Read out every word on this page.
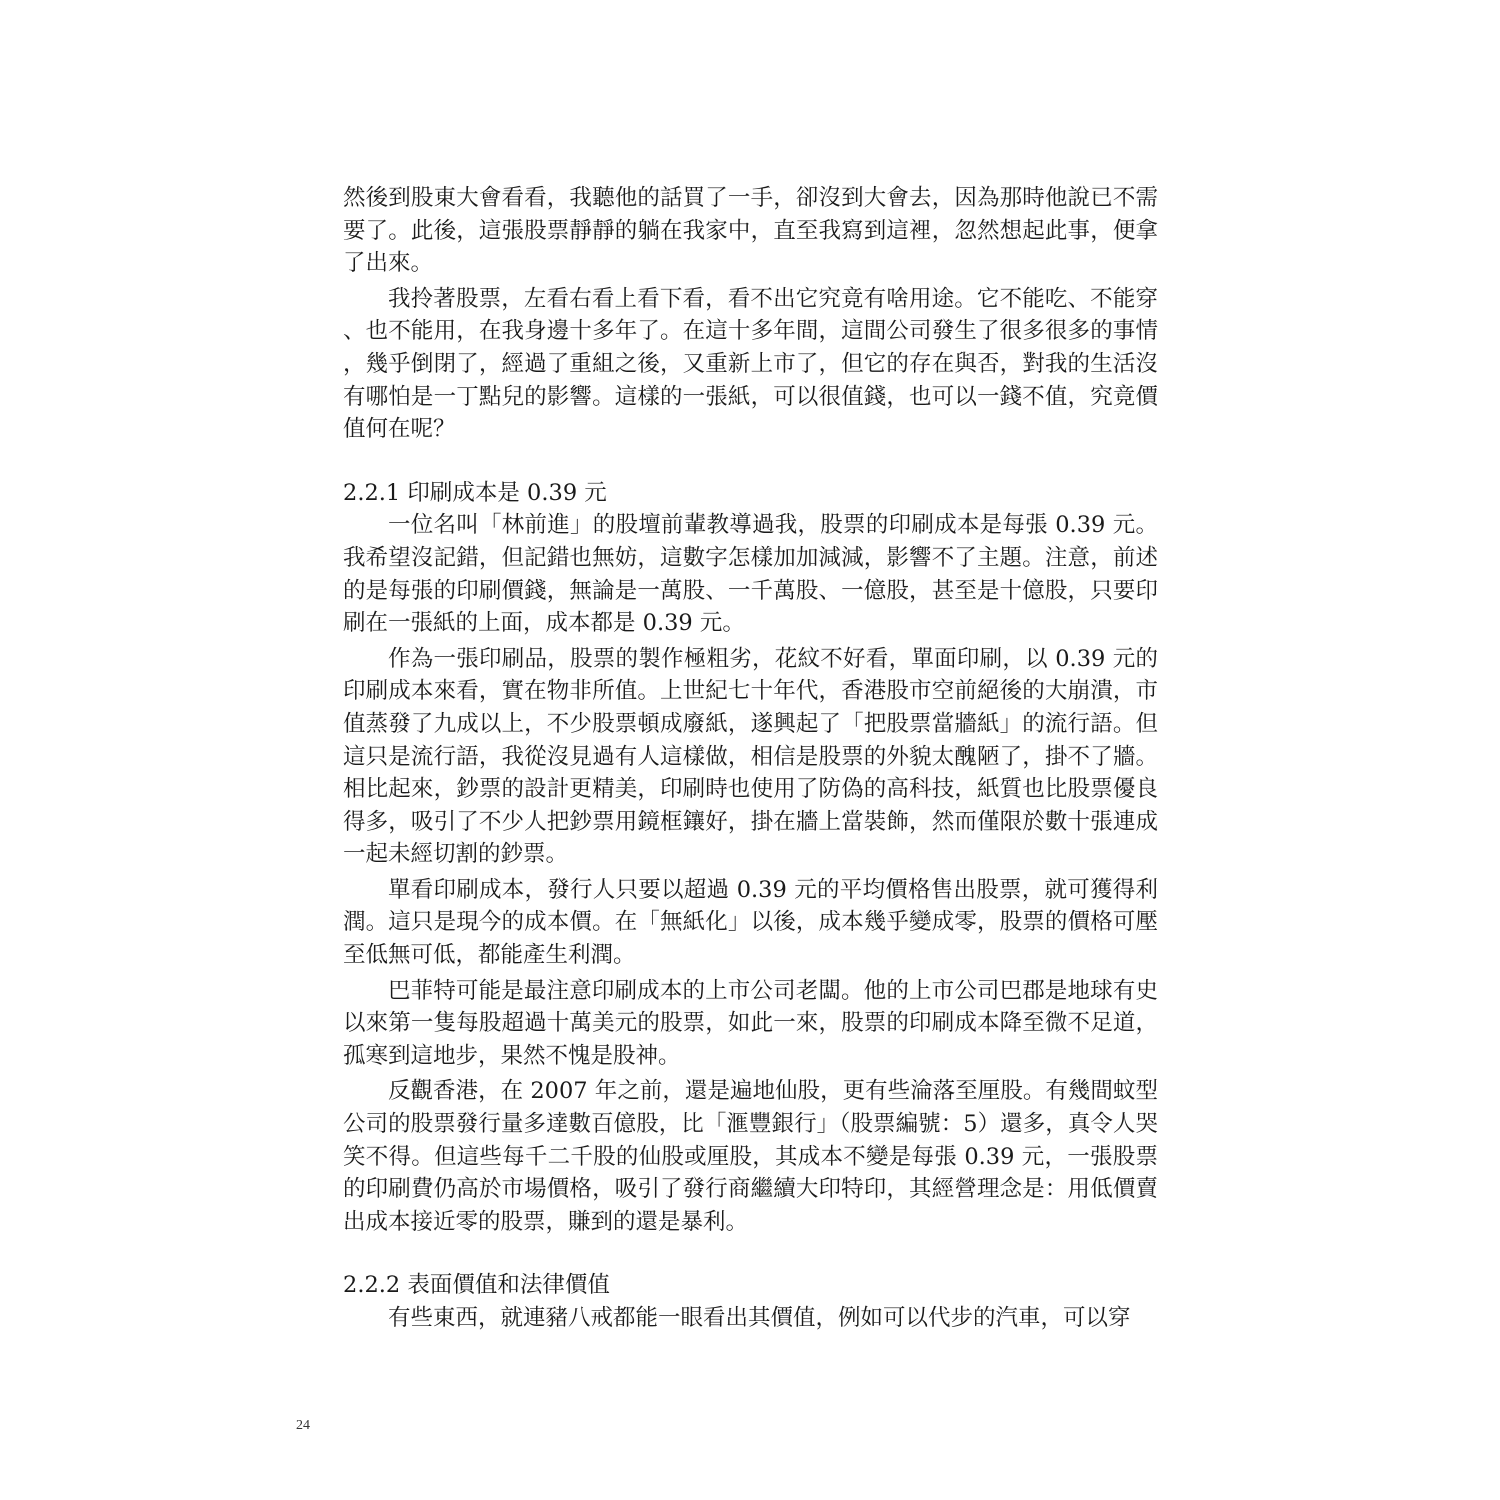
然後到股東大會看看，我聽他的話買了一手，卻沒到大會去，因為那時他說已不需要了。此後，這張股票靜靜的躺在我家中，直至我寫到這裡，忽然想起此事，便拿了出來。

我拎著股票，左看右看上看下看，看不出它究竟有啥用途。它不能吃、不能穿、也不能用，在我身邊十多年了。在這十多年間，這間公司發生了很多很多的事情，幾乎倒閉了，經過了重組之後，又重新上市了，但它的存在與否，對我的生活沒有哪怕是一丁點兒的影響。這樣的一張紙，可以很值錢，也可以一錢不值，究竟價值何在呢？

2.2.1 印刷成本是 0.39 元

一位名叫「林前進」的股壇前輩教導過我，股票的印刷成本是每張 0.39 元。我希望沒記錯，但記錯也無妨，這數字怎樣加加減減，影響不了主題。注意，前述的是每張的印刷價錢，無論是一萬股、一千萬股、一億股，甚至是十億股，只要印刷在一張紙的上面，成本都是 0.39 元。

作為一張印刷品，股票的製作極粗劣，花紋不好看，單面印刷，以 0.39 元的印刷成本來看，實在物非所值。上世紀七十年代，香港股市空前絕後的大崩潰，市值蒸發了九成以上，不少股票頓成廢紙，遂興起了「把股票當牆紙」的流行語。但這只是流行語，我從沒見過有人這樣做，相信是股票的外貌太醜陋了，掛不了牆。相比起來，鈔票的設計更精美，印刷時也使用了防偽的高科技，紙質也比股票優良得多，吸引了不少人把鈔票用鏡框鑲好，掛在牆上當裝飾，然而僅限於數十張連成一起未經切割的鈔票。

單看印刷成本，發行人只要以超過 0.39 元的平均價格售出股票，就可獲得利潤。這只是現今的成本價。在「無紙化」以後，成本幾乎變成零，股票的價格可壓至低無可低，都能產生利潤。

巴菲特可能是最注意印刷成本的上市公司老闆。他的上市公司巴郡是地球有史以來第一隻每股超過十萬美元的股票，如此一來，股票的印刷成本降至微不足道，孤寒到這地步，果然不愧是股神。

反觀香港，在 2007 年之前，還是遍地仙股，更有些淪落至厘股。有幾間蚊型公司的股票發行量多達數百億股，比「滙豐銀行」（股票編號：5）還多，真令人哭笑不得。但這些每千二千股的仙股或厘股，其成本不變是每張 0.39 元，一張股票的印刷費仍高於市場價格，吸引了發行商繼續大印特印，其經營理念是：用低價賣出成本接近零的股票，賺到的還是暴利。

2.2.2 表面價值和法律價值

有些東西，就連豬八戒都能一眼看出其價值，例如可以代步的汽車，可以穿

24
